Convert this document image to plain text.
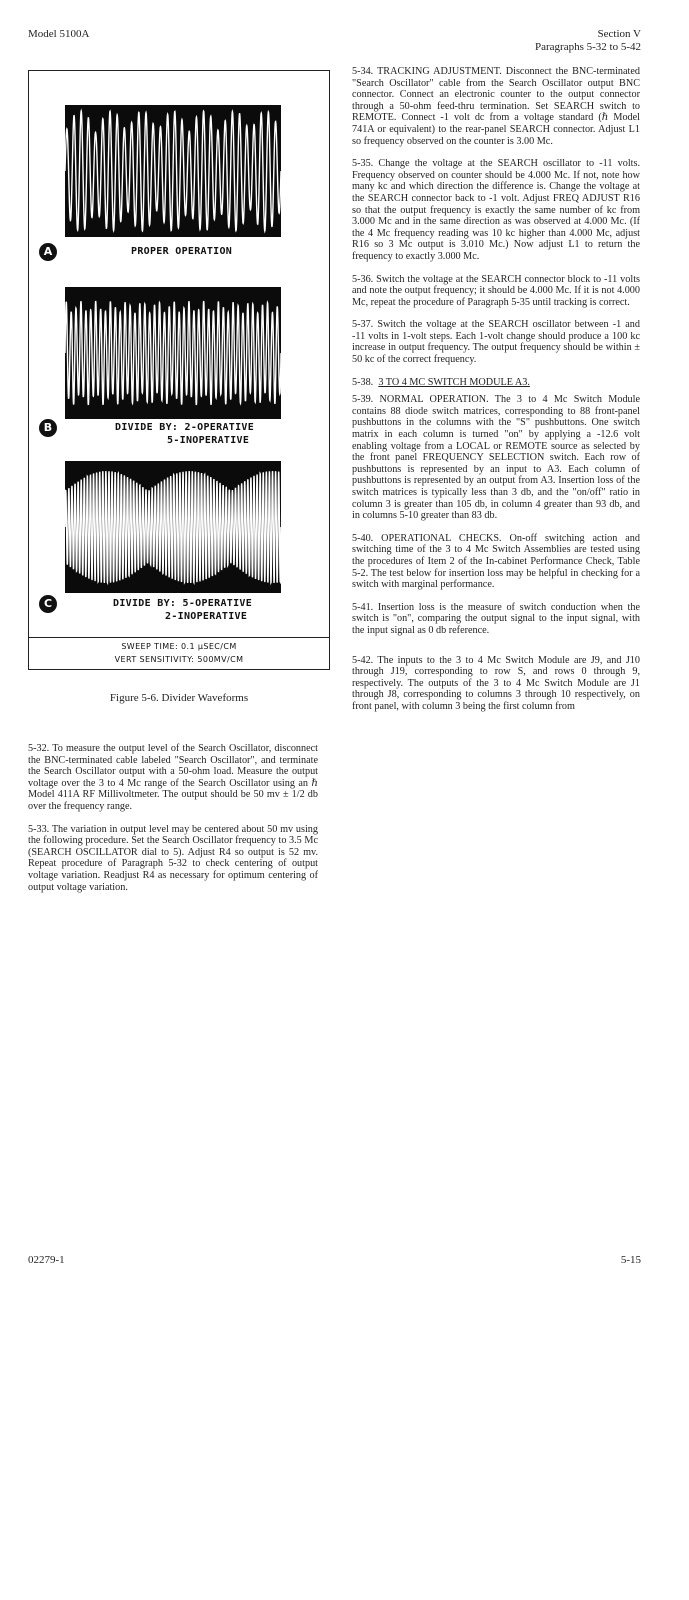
Model 5100A	Section V
Paragraphs 5-32 to 5-42
A	PROPER OPERATION
B	DIVIDE BY: 2-OPERATIVE
5-INOPERATIVE
C	DIVIDE BY: 5-OPERATIVE
2-INOPERATIVE
SWEEP TIME: 0.1 μSEC/CM
VERT SENSITIVITY: 500MV/CM
Figure 5-6. Divider Waveforms

5-32. To measure the output level of the Search Oscillator, disconnect the BNC-terminated cable labeled "Search Oscillator", and terminate the Search Oscillator output with a 50-ohm load. Measure the output voltage over the 3 to 4 Mc range of the Search Oscillator using an ℏ Model 411A RF Millivoltmeter. The output should be 50 mv ± 1/2 db over the frequency range.

5-33. The variation in output level may be centered about 50 mv using the following procedure. Set the Search Oscillator frequency to 3.5 Mc (SEARCH OSCILLATOR dial to 5). Adjust R4 so output is 52 mv. Repeat procedure of Paragraph 5-32 to check centering of output voltage variation. Readjust R4 as necessary for optimum centering of output voltage variation.

5-34. TRACKING ADJUSTMENT. Disconnect the BNC-terminated "Search Oscillator" cable from the Search Oscillator output BNC connector. Connect an electronic counter to the output connector through a 50-ohm feed-thru termination. Set SEARCH switch to REMOTE. Connect -1 volt dc from a voltage standard (ℏ Model 741A or equivalent) to the rear-panel SEARCH connector. Adjust L1 so frequency observed on the counter is 3.00 Mc.

5-35. Change the voltage at the SEARCH oscillator to -11 volts. Frequency observed on counter should be 4.000 Mc. If not, note how many kc and which direction the difference is. Change the voltage at the SEARCH connector back to -1 volt. Adjust FREQ ADJUST R16 so that the output frequency is exactly the same number of kc from 3.000 Mc and in the same direction as was observed at 4.000 Mc. (If the 4 Mc frequency reading was 10 kc higher than 4.000 Mc, adjust R16 so 3 Mc output is 3.010 Mc.) Now adjust L1 to return the frequency to exactly 3.000 Mc.

5-36. Switch the voltage at the SEARCH connector block to -11 volts and note the output frequency; it should be 4.000 Mc. If it is not 4.000 Mc, repeat the procedure of Paragraph 5-35 until tracking is correct.

5-37. Switch the voltage at the SEARCH oscillator between -1 and -11 volts in 1-volt steps. Each 1-volt change should produce a 100 kc increase in output frequency. The output frequency should be within ± 50 kc of the correct frequency.

5-38. 3 TO 4 MC SWITCH MODULE A3.

5-39. NORMAL OPERATION. The 3 to 4 Mc Switch Module contains 88 diode switch matrices, corresponding to 88 front-panel pushbuttons in the columns with the "S" pushbuttons. One switch matrix in each column is turned "on" by applying a -12.6 volt enabling voltage from a LOCAL or REMOTE source as selected by the front panel FREQUENCY SELECTION switch. Each row of pushbuttons is represented by an input to A3. Each column of pushbuttons is represented by an output from A3. Insertion loss of the switch matrices is typically less than 3 db, and the "on/off" ratio in column 3 is greater than 105 db, in column 4 greater than 93 db, and in columns 5-10 greater than 83 db.

5-40. OPERATIONAL CHECKS. On-off switching action and switching time of the 3 to 4 Mc Switch Assemblies are tested using the procedures of Item 2 of the In-cabinet Performance Check, Table 5-2. The test below for insertion loss may be helpful in checking for a switch with marginal performance.

5-41. Insertion loss is the measure of switch conduction when the switch is "on", comparing the output signal to the input signal, with the input signal as 0 db reference.

5-42. The inputs to the 3 to 4 Mc Switch Module are J9, and J10 through J19, corresponding to row S, and rows 0 through 9, respectively. The outputs of the 3 to 4 Mc Switch Module are J1 through J8, corresponding to columns 3 through 10 respectively, on front panel, with column 3 being the first column from

02279-1	5-15
